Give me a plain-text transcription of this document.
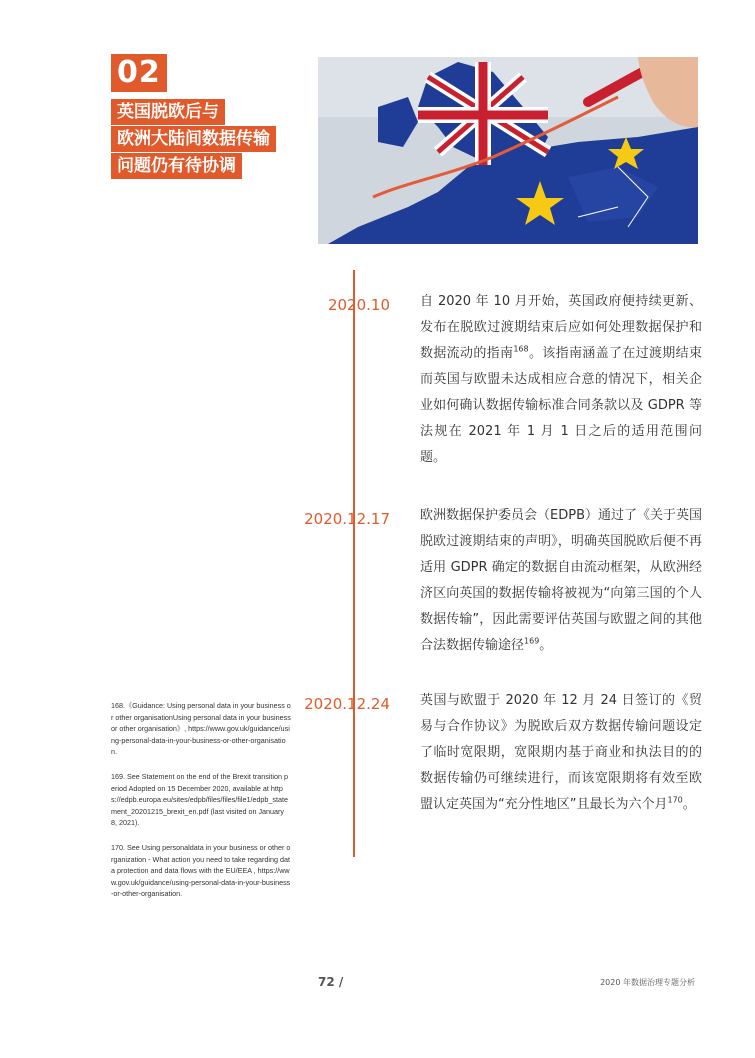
02
英国脱欧后与
欧洲大陆间数据传输
问题仍有待协调
2020.10 自 2020 年 10 月开始，英国政府便持续更新、发布在脱欧过渡期结束后应如何处理数据保护和数据流动的指南$^{168}$。该指南涵盖了在过渡期结束而英国与欧盟未达成相应合意的情况下，相关企业如何确认数据传输标准合同条款以及 GDPR 等法规在 2021 年 1 月 1 日之后的适用范围问题。
2020.12.17 欧洲数据保护委员会（EDPB）通过了《关于英国脱欧过渡期结束的声明》，明确英国脱欧后便不再适用 GDPR 确定的数据自由流动框架，从欧洲经济区向英国的数据传输将被视为“向第三国的个人数据传输”，因此需要评估英国与欧盟之间的其他合法数据传输途径$^{169}$。
2020.12.24 英国与欧盟于 2020 年 12 月 24 日签订的《贸易与合作协议》为脱欧后双方数据传输问题设定了临时宽限期，宽限期内基于商业和执法目的的数据传输仍可继续进行，而该宽限期将有效至欧盟认定英国为“充分性地区”且最长为六个月$^{170}$。

168.《Guidance: Using personal data in your business or other organisationUsing personal data in your business or other organisation》, https://www.gov.uk/guidance/using-personal-data-in-your-business-or-other-organisation.

169. See Statement on the end of the Brexit transition period Adopted on 15 December 2020, available at https://edpb.europa.eu/sites/edpb/files/files/file1/edpb_statement_20201215_brexit_en.pdf (last visited on January 8, 2021).

170. See Using personaldata in your business or other organization - What action you need to take regarding data protection and data flows with the EU/EEA , https://www.gov.uk/guidance/using-personal-data-in-your-business-or-other-organisation.

72 /	2020 年数据治理专题分析
